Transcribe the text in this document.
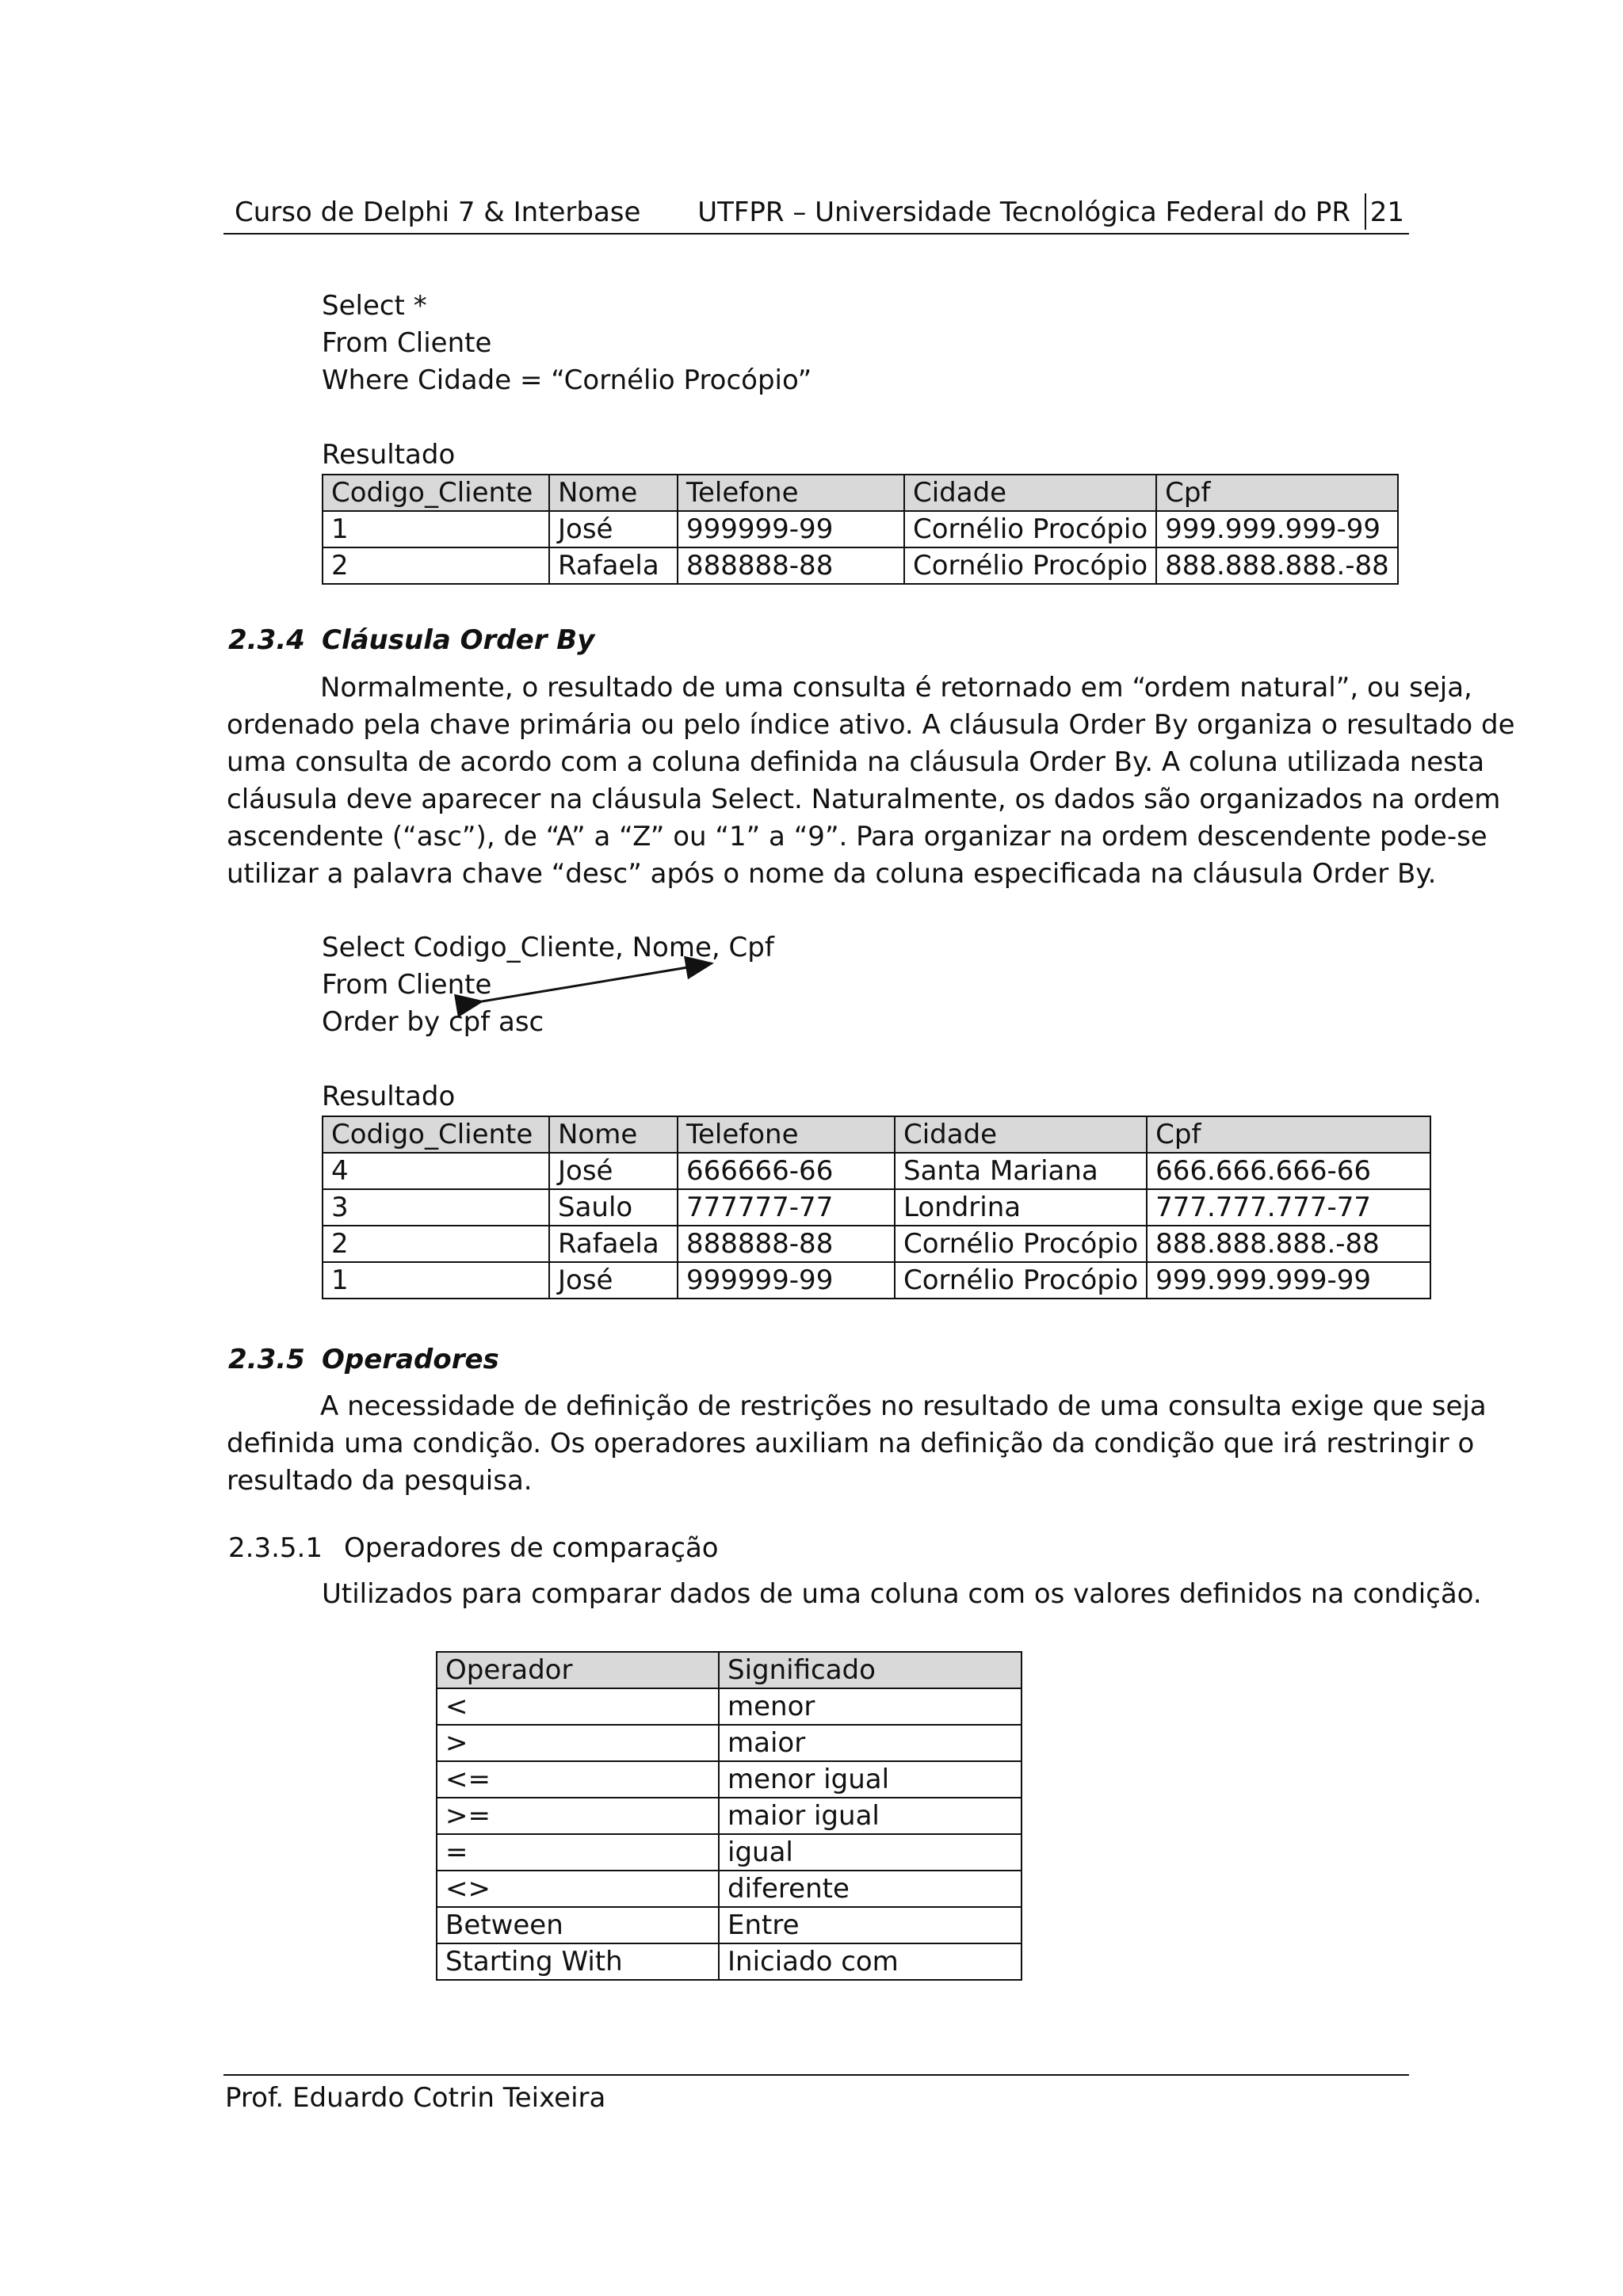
Curso de Delphi 7 & Interbase UTFPR – Universidade Tecnológica Federal do PR 21
Select *
From Cliente
Where Cidade = “Cornélio Procópio”
Resultado
Codigo_Cliente	Nome	Telefone	Cidade	Cpf
1	José	999999-99	Cornélio Procópio	999.999.999-99
2	Rafaela	888888-88	Cornélio Procópio	888.888.888.-88
2.3.4 Cláusula Order By
Normalmente, o resultado de uma consulta é retornado em “ordem natural”, ou seja,
ordenado pela chave primária ou pelo índice ativo. A cláusula Order By organiza o resultado de
uma consulta de acordo com a coluna definida na cláusula Order By. A coluna utilizada nesta
cláusula deve aparecer na cláusula Select. Naturalmente, os dados são organizados na ordem
ascendente (“asc”), de “A” a “Z” ou “1” a “9”. Para organizar na ordem descendente pode-se
utilizar a palavra chave “desc” após o nome da coluna especificada na cláusula Order By.
Select Codigo_Cliente, Nome, Cpf
From Cliente
Order by cpf asc
Resultado
Codigo_Cliente	Nome	Telefone	Cidade	Cpf
4	José	666666-66	Santa Mariana	666.666.666-66
3	Saulo	777777-77	Londrina	777.777.777-77
2	Rafaela	888888-88	Cornélio Procópio	888.888.888.-88
1	José	999999-99	Cornélio Procópio	999.999.999-99
2.3.5 Operadores
A necessidade de definição de restrições no resultado de uma consulta exige que seja
definida uma condição. Os operadores auxiliam na definição da condição que irá restringir o
resultado da pesquisa.
2.3.5.1 Operadores de comparação
Utilizados para comparar dados de uma coluna com os valores definidos na condição.
Operador	Significado
<	menor
>	maior
<=	menor igual
>=	maior igual
=	igual
<>	diferente
Between	Entre
Starting With	Iniciado com
Prof. Eduardo Cotrin Teixeira
